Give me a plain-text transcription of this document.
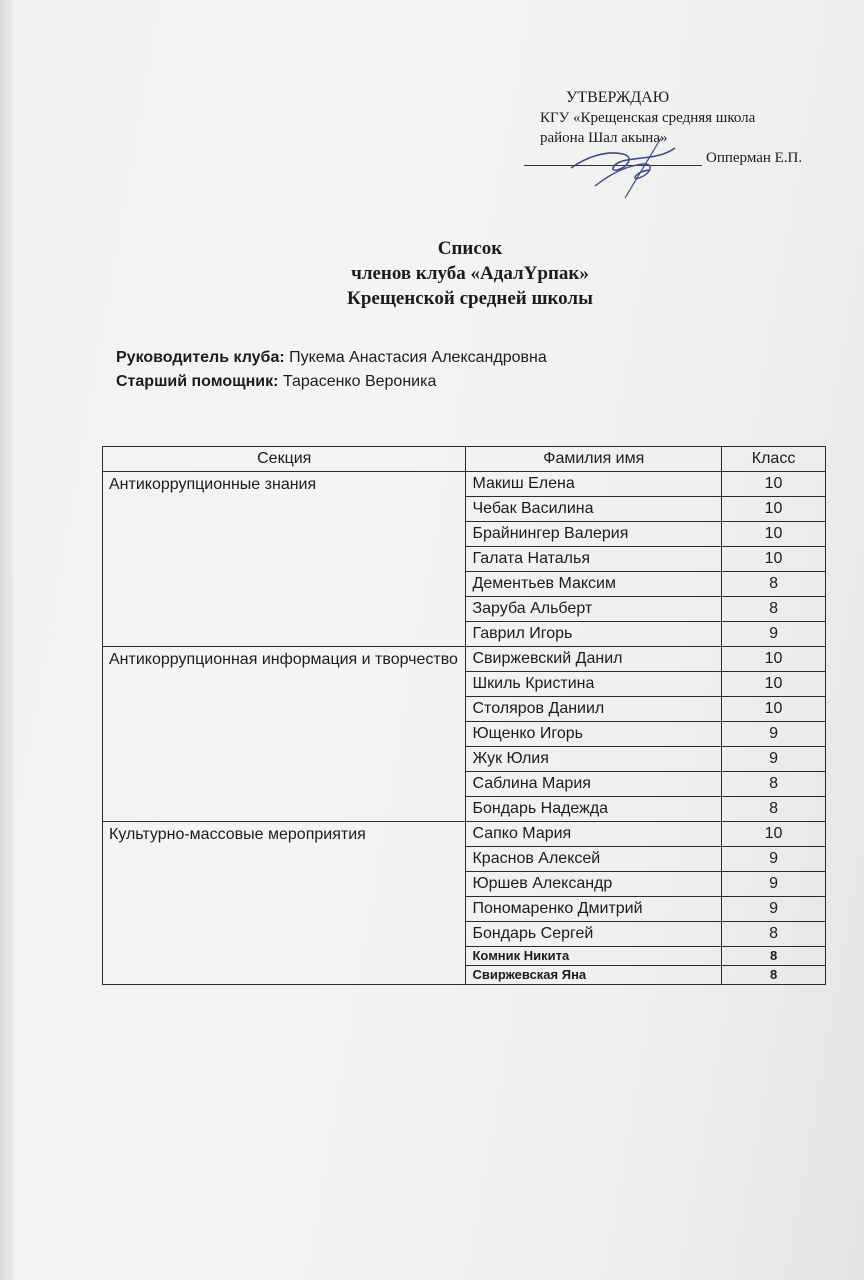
УТВЕРЖДАЮ
КГУ «Крещенская средняя школа
района Шал акына»
Опперман Е.П.
Список
членов клуба «АдалҮрпак»
Крещенской средней школы
Руководитель клуба: Пукема Анастасия Александровна
Старший помощник: Тарасенко Вероника
Секция	Фамилия имя	Класс
Антикоррупционные знания	Макиш Елена	10
	Чебак Василина	10
	Брайнингер Валерия	10
	Галата Наталья	10
	Дементьев Максим	8
	Заруба Альберт	8
	Гаврил Игорь	9
Антикоррупционная информация и творчество	Свиржевский Данил	10
	Шкиль Кристина	10
	Столяров Даниил	10
	Ющенко Игорь	9
	Жук Юлия	9
	Саблина Мария	8
	Бондарь Надежда	8
Культурно-массовые мероприятия	Сапко Мария	10
	Краснов Алексей	9
	Юршев Александр	9
	Пономаренко Дмитрий	9
	Бондарь Сергей	8
	Комник Никита	8
	Свиржевская Яна	8
